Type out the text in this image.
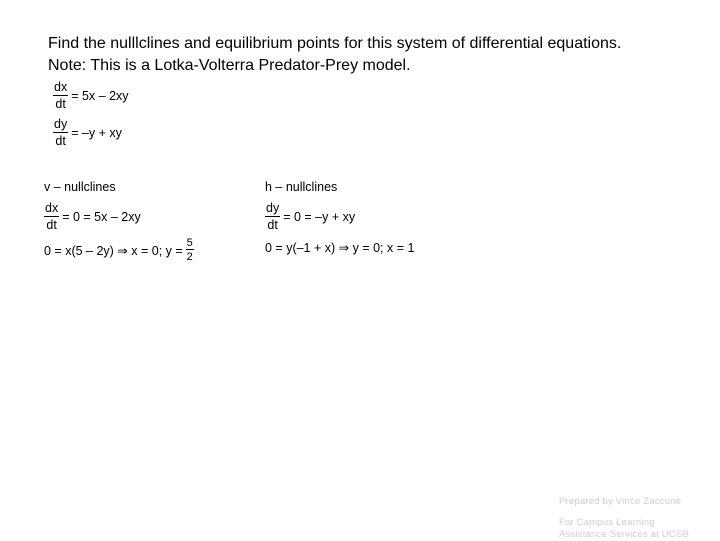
Find the nulllclines and equilibrium points for this system of differential equations.
Note: This is a Lotka-Volterra Predator-Prey model.

$\frac{dx}{dt} = 5x - 2xy$
$\frac{dy}{dt} = -y$ + xy
v – nullclines
$\frac{dx}{dt} = 0 = 5x - 2xy$
0 = x(5 – 2y) ⇒ x = 0; $y = \frac{5}{2}$
h – nullclines
$\frac{dy}{dt} = 0 = -y$ + xy
0 = y(–1 + x) ⇒ y = 0; x = 1
Prepared by Vince Zaccone
For Campus Learning
Assistance Services at UCSB
